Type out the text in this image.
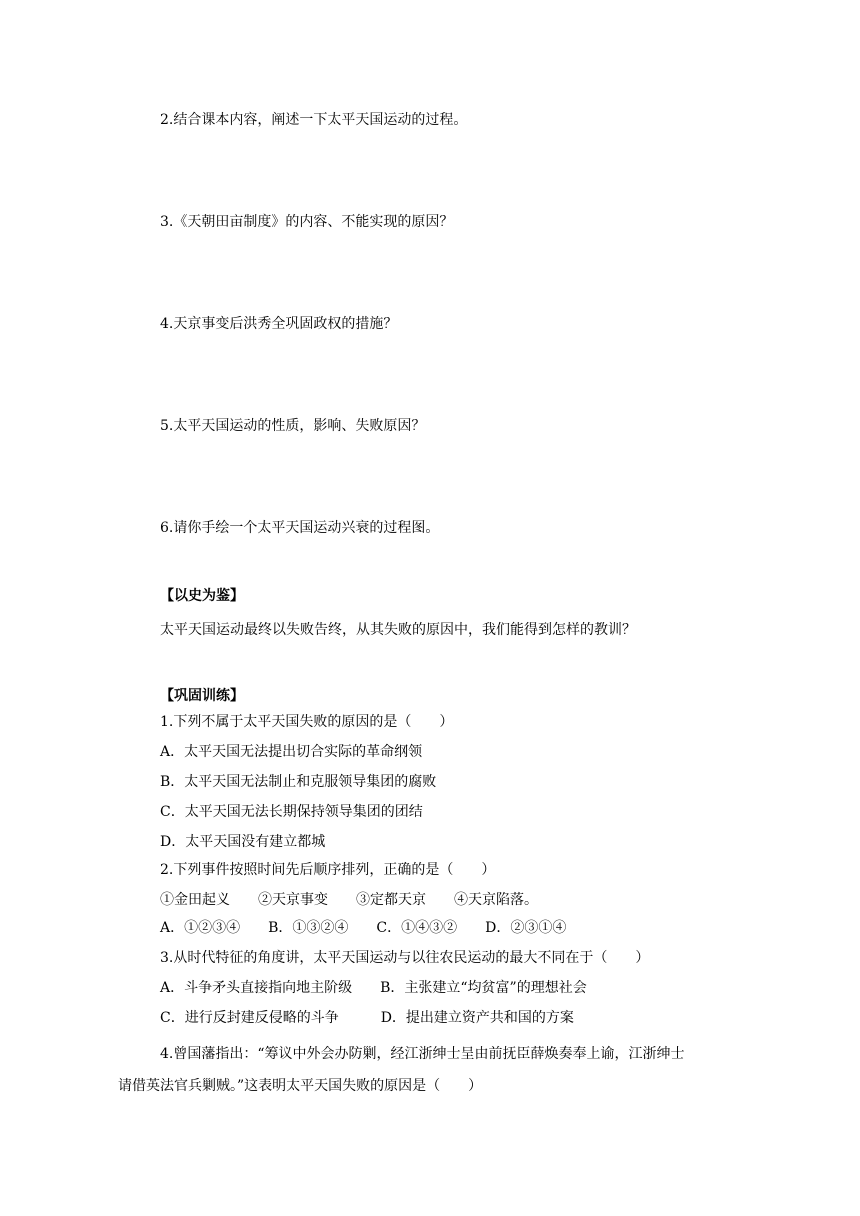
2.结合课本内容，阐述一下太平天国运动的过程。
3.《天朝田亩制度》的内容、不能实现的原因？
4.天京事变后洪秀全巩固政权的措施？
5.太平天国运动的性质，影响、失败原因？
6.请你手绘一个太平天国运动兴衰的过程图。
【以史为鉴】
太平天国运动最终以失败告终，从其失败的原因中，我们能得到怎样的教训？
【巩固训练】
1.下列不属于太平天国失败的原因的是（　　）
A．太平天国无法提出切合实际的革命纲领
B．太平天国无法制止和克服领导集团的腐败
C．太平天国无法长期保持领导集团的团结
D．太平天国没有建立都城
2.下列事件按照时间先后顺序排列，正确的是（　　）
①金田起义　　②天京事变　　③定都天京　　④天京陷落。
A．①②③④　　B．①③②④　　C．①④③②　　D．②③①④
3.从时代特征的角度讲，太平天国运动与以往农民运动的最大不同在于（　　）
A．斗争矛头直接指向地主阶级　　B．主张建立“均贫富”的理想社会
C．进行反封建反侵略的斗争　　　D．提出建立资产共和国的方案
4.曾国藩指出：“筹议中外会办防剿，经江浙绅士呈由前抚臣薛焕奏奉上谕，江浙绅士
请借英法官兵剿贼。”这表明太平天国失败的原因是（　　）
